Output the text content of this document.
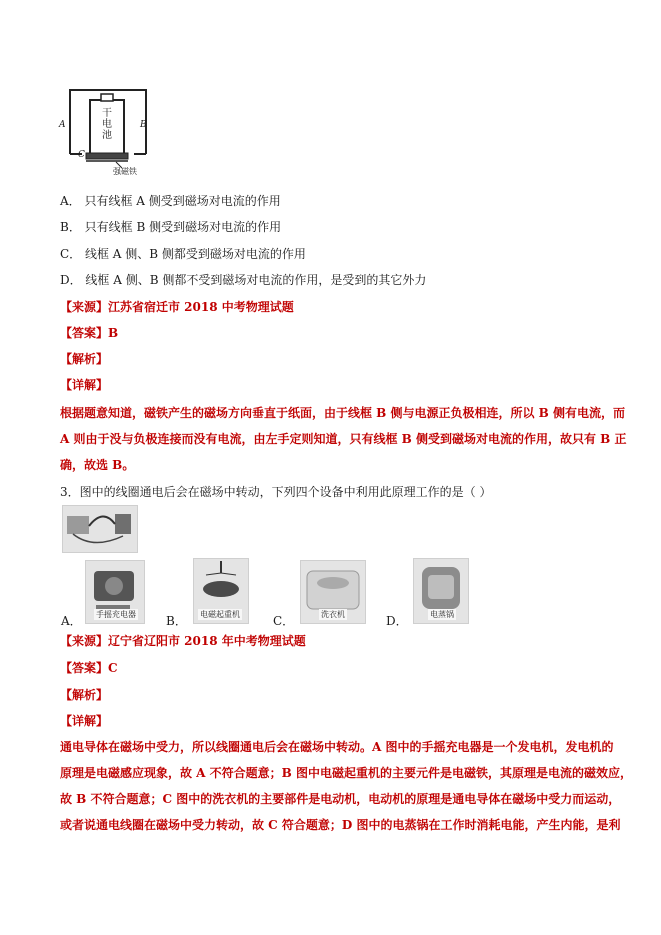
干电池
A	B
C
强磁铁
A． 只有线框 A 侧受到磁场对电流的作用
B． 只有线框 B 侧受到磁场对电流的作用
C． 线框 A 侧、B 侧都受到磁场对电流的作用
D． 线框 A 侧、B 侧都不受到磁场对电流的作用，是受到的其它外力
【来源】江苏省宿迁市 2018 中考物理试题
【答案】B
【解析】
【详解】
根据题意知道，磁铁产生的磁场方向垂直于纸面，由于线框 B 侧与电源正负极相连，所以 B 侧有电流，而
A 则由于没与负极连接而没有电流，由左手定则知道，只有线框 B 侧受到磁场对电流的作用，故只有 B 正
确，故选 B。
3．图中的线圈通电后会在磁场中转动，下列四个设备中利用此原理工作的是（ ）
手摇充电器	电磁起重机	洗衣机	电蒸锅
A．	B．	C．	D．
【来源】辽宁省辽阳市 2018 年中考物理试题
【答案】C
【解析】
【详解】
通电导体在磁场中受力，所以线圈通电后会在磁场中转动。A 图中的手摇充电器是一个发电机，发电机的
原理是电磁感应现象，故 A 不符合题意；B 图中电磁起重机的主要元件是电磁铁，其原理是电流的磁效应，
故 B 不符合题意；C 图中的洗衣机的主要部件是电动机，电动机的原理是通电导体在磁场中受力而运动，
或者说通电线圈在磁场中受力转动，故 C 符合题意；D 图中的电蒸锅在工作时消耗电能，产生内能，是利
